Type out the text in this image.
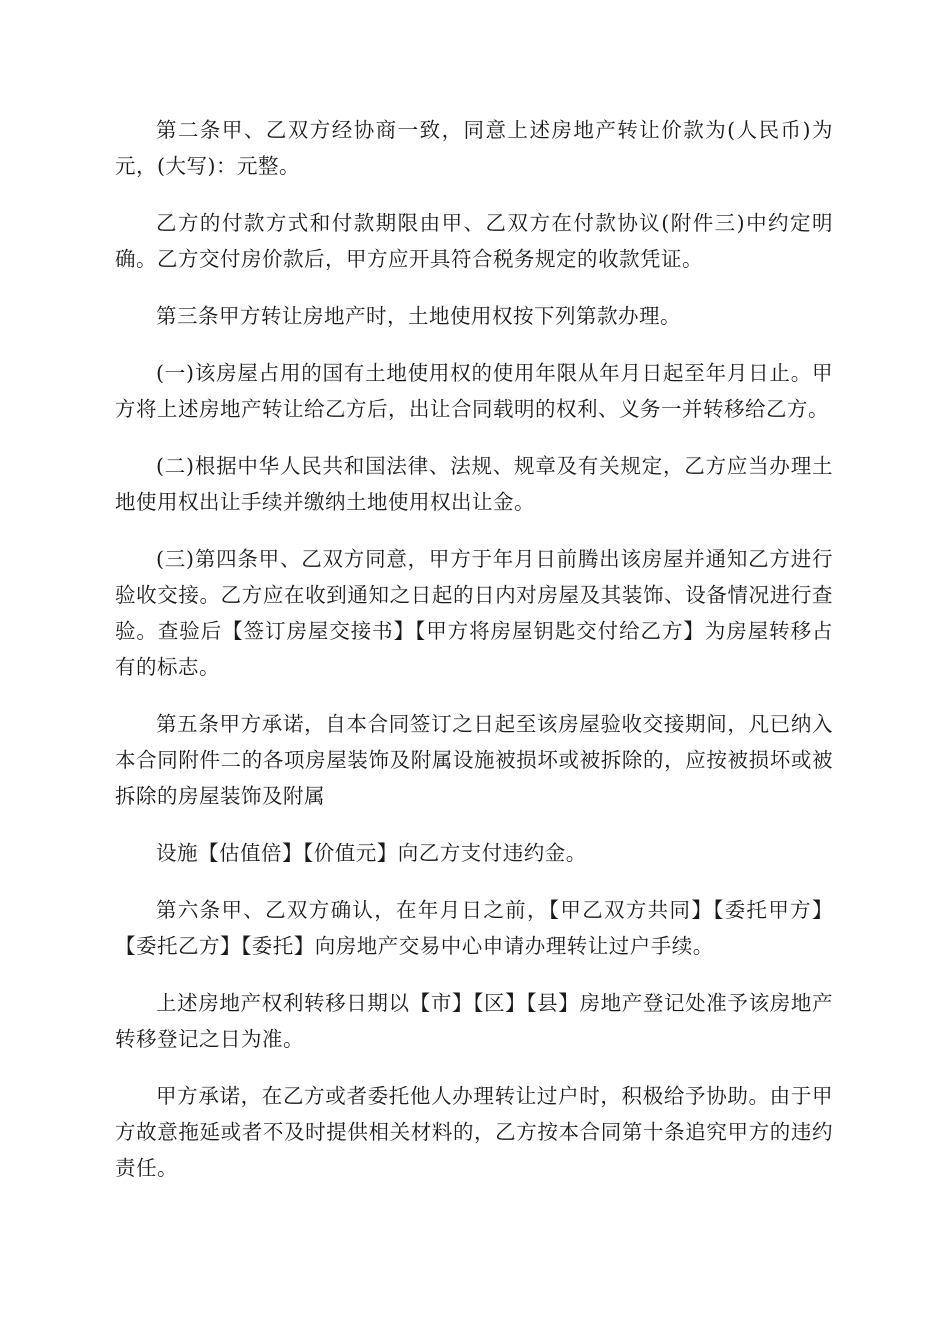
第二条甲、乙双方经协商一致，同意上述房地产转让价款为(人民币)为元，(大写)：元整。

乙方的付款方式和付款期限由甲、乙双方在付款协议(附件三)中约定明确。乙方交付房价款后，甲方应开具符合税务规定的收款凭证。

第三条甲方转让房地产时，土地使用权按下列第款办理。

(一)该房屋占用的国有土地使用权的使用年限从年月日起至年月日止。甲方将上述房地产转让给乙方后，出让合同载明的权利、义务一并转移给乙方。

(二)根据中华人民共和国法律、法规、规章及有关规定，乙方应当办理土地使用权出让手续并缴纳土地使用权出让金。

(三)第四条甲、乙双方同意，甲方于年月日前腾出该房屋并通知乙方进行验收交接。乙方应在收到通知之日起的日内对房屋及其装饰、设备情况进行查验。查验后【签订房屋交接书】【甲方将房屋钥匙交付给乙方】为房屋转移占有的标志。

第五条甲方承诺，自本合同签订之日起至该房屋验收交接期间，凡已纳入本合同附件二的各项房屋装饰及附属设施被损坏或被拆除的，应按被损坏或被拆除的房屋装饰及附属

设施【估值倍】【价值元】向乙方支付违约金。

第六条甲、乙双方确认，在年月日之前，【甲乙双方共同】【委托甲方】【委托乙方】【委托】向房地产交易中心申请办理转让过户手续。

上述房地产权利转移日期以【市】【区】【县】房地产登记处准予该房地产转移登记之日为准。

甲方承诺，在乙方或者委托他人办理转让过户时，积极给予协助。由于甲方故意拖延或者不及时提供相关材料的，乙方按本合同第十条追究甲方的违约责任。
